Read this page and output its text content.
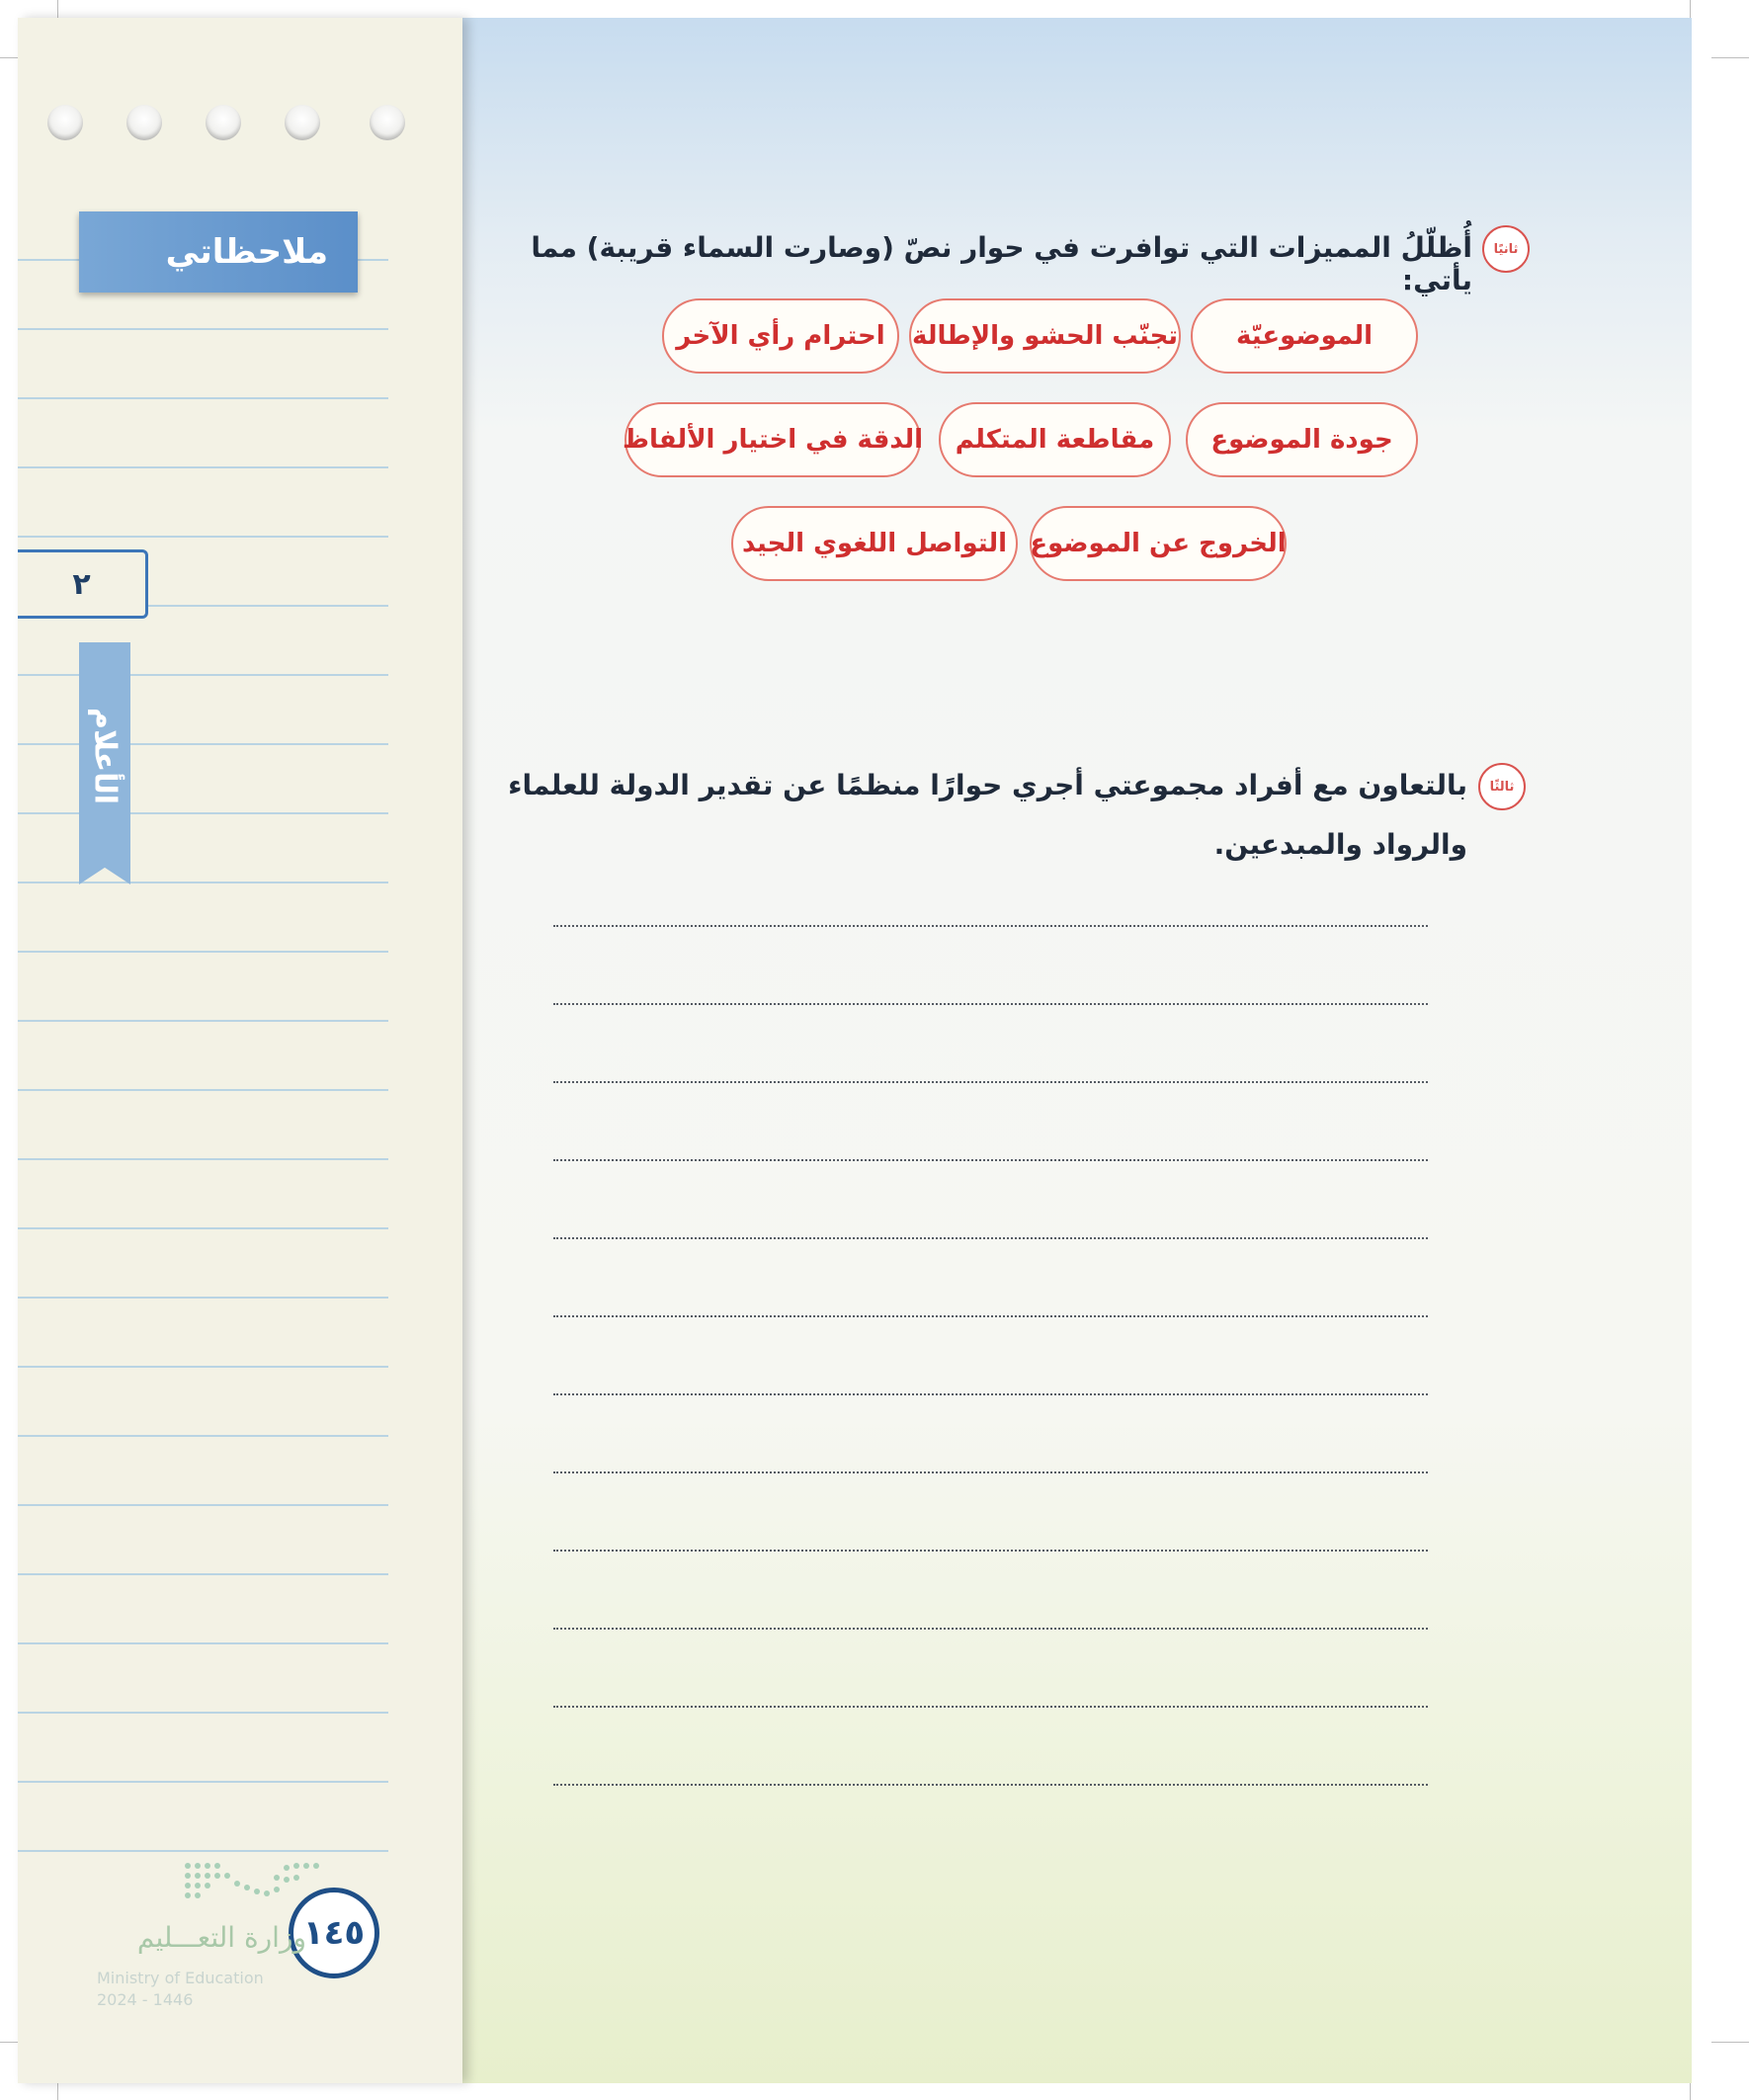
ملاحظاتي
٢
الأعلام
ثانيًا
أُظلّلُ المميزات التي توافرت في حوار نصّ (وصارت السماء قريبة) مما يأتي:
الموضوعيّة
تجنّب الحشو والإطالة
احترام رأي الآخر
جودة الموضوع
مقاطعة المتكلم
الدقة في اختيار الألفاظ
الخروج عن الموضوع
التواصل اللغوي الجيد
ثالثًا
بالتعاون مع أفراد مجموعتي أجري حوارًا منظمًا عن تقدير الدولة للعلماء
والرواد والمبدعين.
١٤٥
وزارة التعـــليم
Ministry of Education
2024 - 1446
